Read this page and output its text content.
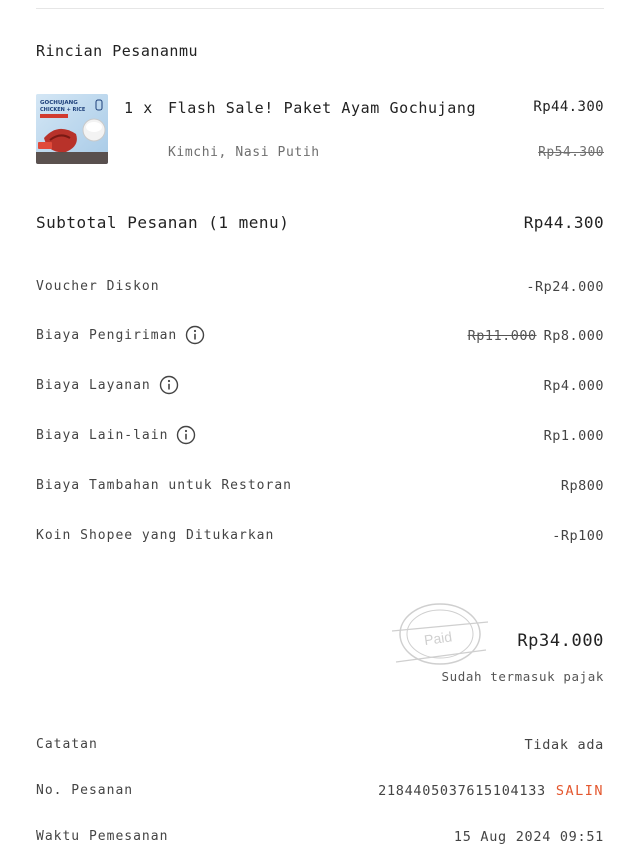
Rincian Pesananmu
GOCHUJANG
CHICKEN + RICE	1 x Flash Sale! Paket Ayam Gochujang	Rp44.300
Kimchi, Nasi Putih	Rp54.300
Subtotal Pesanan (1 menu)	Rp44.300
Voucher Diskon	-Rp24.000
Biaya Pengiriman	Rp11.000 Rp8.000
Biaya Layanan	Rp4.000
Biaya Lain-lain	Rp1.000
Biaya Tambahan untuk Restoran	Rp800
Koin Shopee yang Ditukarkan	-Rp100
Paid	Rp34.000
Sudah termasuk pajak
Catatan	Tidak ada
No. Pesanan	2184405037615104133 SALIN
Waktu Pemesanan	15 Aug 2024 09:51
